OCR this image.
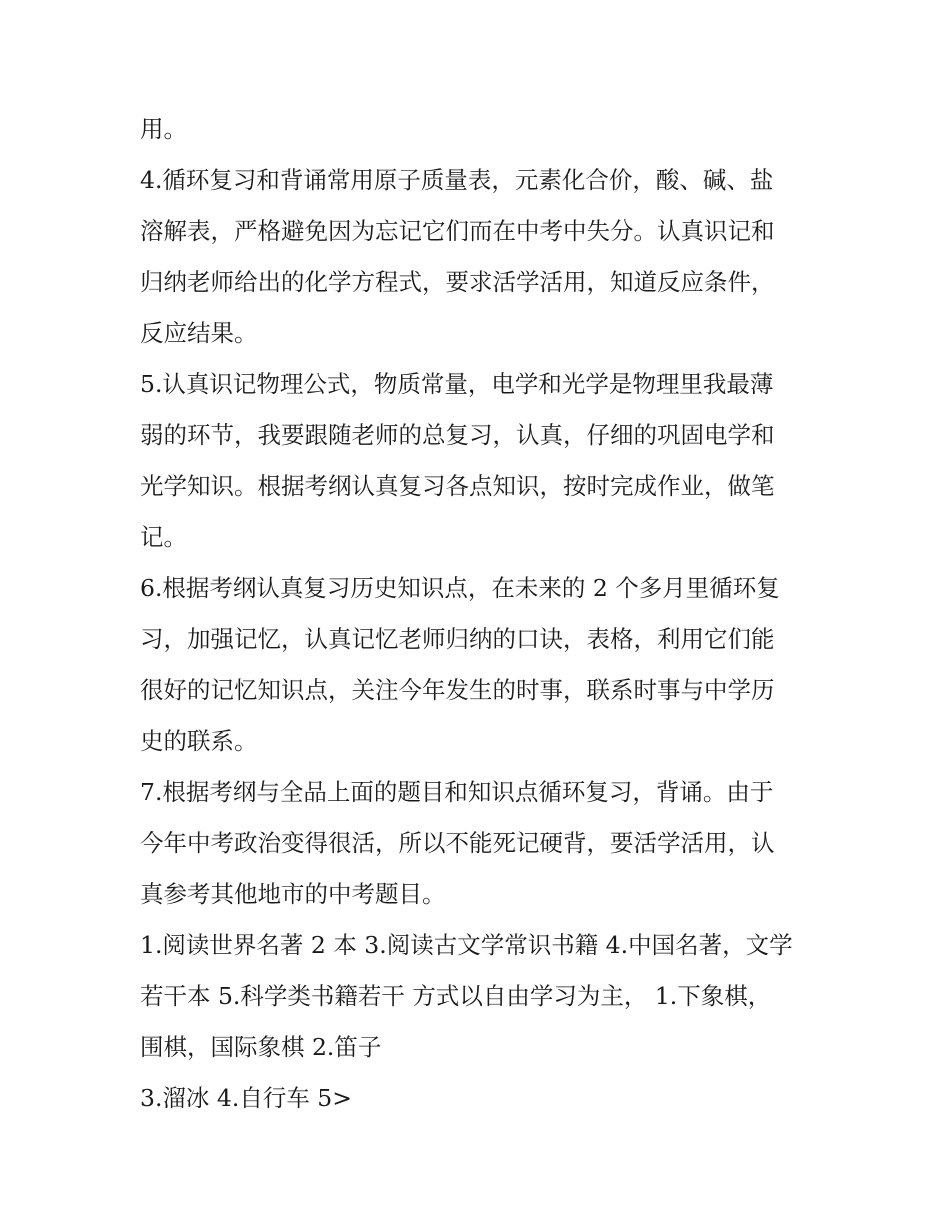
用。
4.循环复习和背诵常用原子质量表，元素化合价，酸、碱、盐
溶解表，严格避免因为忘记它们而在中考中失分。认真识记和
归纳老师给出的化学方程式，要求活学活用，知道反应条件，
反应结果。
5.认真识记物理公式，物质常量，电学和光学是物理里我最薄
弱的环节，我要跟随老师的总复习，认真，仔细的巩固电学和
光学知识。根据考纲认真复习各点知识，按时完成作业，做笔
记。
6.根据考纲认真复习历史知识点，在未来的 2 个多月里循环复
习，加强记忆，认真记忆老师归纳的口诀，表格，利用它们能
很好的记忆知识点，关注今年发生的时事，联系时事与中学历
史的联系。
7.根据考纲与全品上面的题目和知识点循环复习，背诵。由于
今年中考政治变得很活，所以不能死记硬背，要活学活用，认
真参考其他地市的中考题目。
1.阅读世界名著 2 本 3.阅读古文学常识书籍 4.中国名著，文学
若干本 5.科学类书籍若干 方式以自由学习为主， 1.下象棋，
围棋，国际象棋 2.笛子
3.溜冰 4.自行车 5>
